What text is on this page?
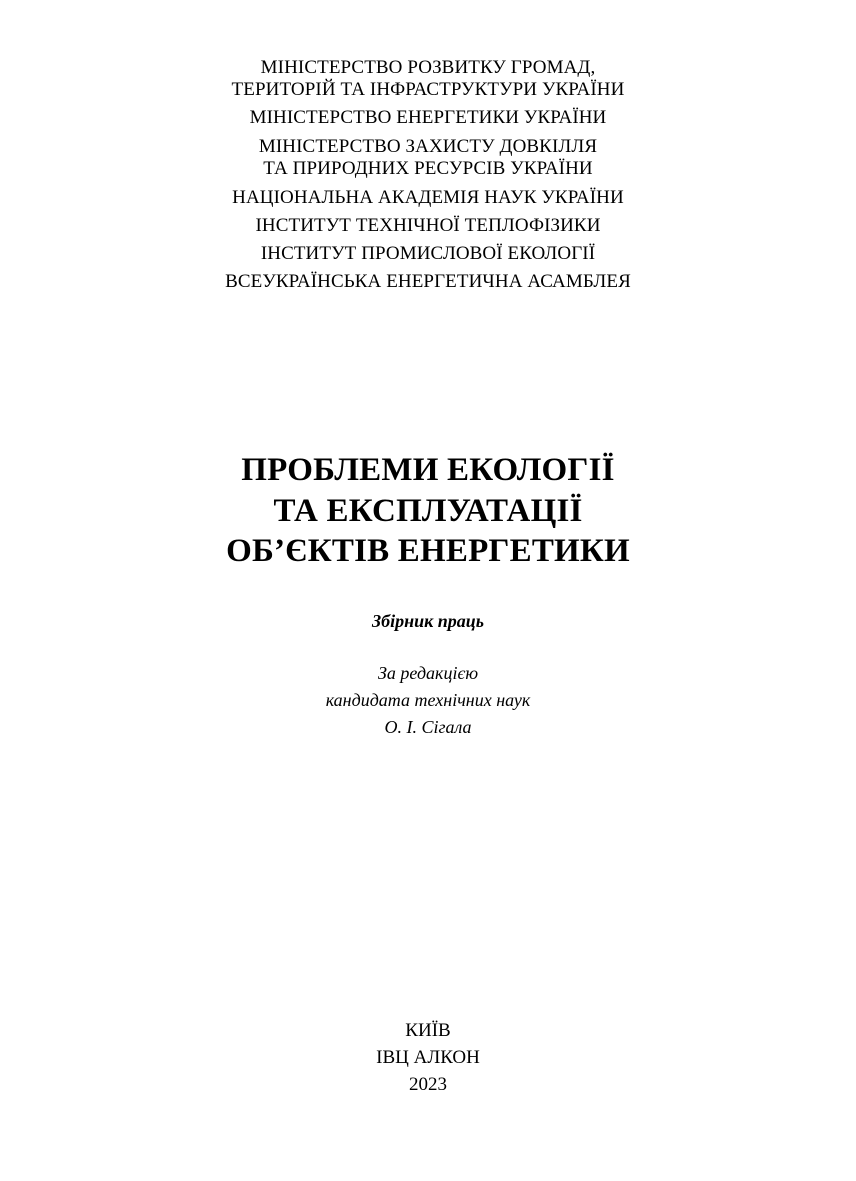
МІНІСТЕРСТВО РОЗВИТКУ ГРОМАД,
ТЕРИТОРІЙ ТА ІНФРАСТРУКТУРИ УКРАЇНИ
МІНІСТЕРСТВО ЕНЕРГЕТИКИ УКРАЇНИ
МІНІСТЕРСТВО ЗАХИСТУ ДОВКІЛЛЯ
ТА ПРИРОДНИХ РЕСУРСІВ УКРАЇНИ
НАЦІОНАЛЬНА АКАДЕМІЯ НАУК УКРАЇНИ
ІНСТИТУТ ТЕХНІЧНОЇ ТЕПЛОФІЗИКИ
ІНСТИТУТ ПРОМИСЛОВОЇ ЕКОЛОГІЇ
ВСЕУКРАЇНСЬКА ЕНЕРГЕТИЧНА АСАМБЛЕЯ
ПРОБЛЕМИ ЕКОЛОГІЇ
ТА ЕКСПЛУАТАЦІЇ
ОБ’ЄКТІВ ЕНЕРГЕТИКИ
Збірник праць
За редакцією
кандидата технічних наук
О. І. Сігала
КИЇВ
ІВЦ АЛКОН
2023
